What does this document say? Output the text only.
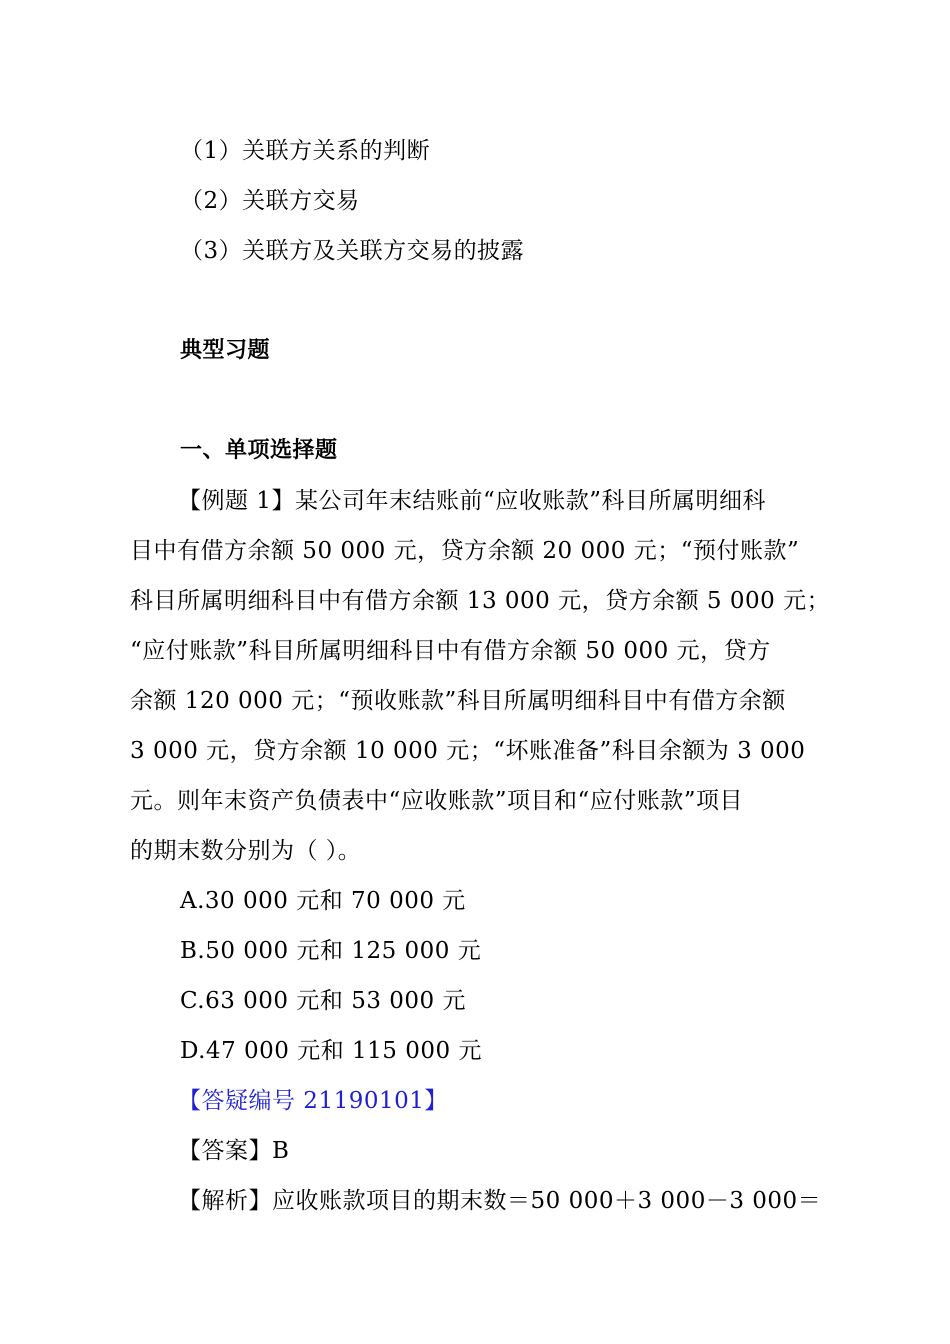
（1）关联方关系的判断
（2）关联方交易
（3）关联方及关联方交易的披露
典型习题
一、单项选择题
【例题 1】某公司年末结账前“应收账款”科目所属明细科
目中有借方余额 50 000 元，贷方余额 20 000 元；“预付账款”
科目所属明细科目中有借方余额 13 000 元，贷方余额 5 000 元；
“应付账款”科目所属明细科目中有借方余额 50 000 元，贷方
余额 120 000 元；“预收账款”科目所属明细科目中有借方余额
3 000 元，贷方余额 10 000 元；“坏账准备”科目余额为 3 000
元。则年末资产负债表中“应收账款”项目和“应付账款”项目
的期末数分别为（ ）。
A.30 000 元和 70 000 元
B.50 000 元和 125 000 元
C.63 000 元和 53 000 元
D.47 000 元和 115 000 元
【答疑编号 21190101】
【答案】B
【解析】应收账款项目的期末数＝50 000＋3 000－3 000＝
